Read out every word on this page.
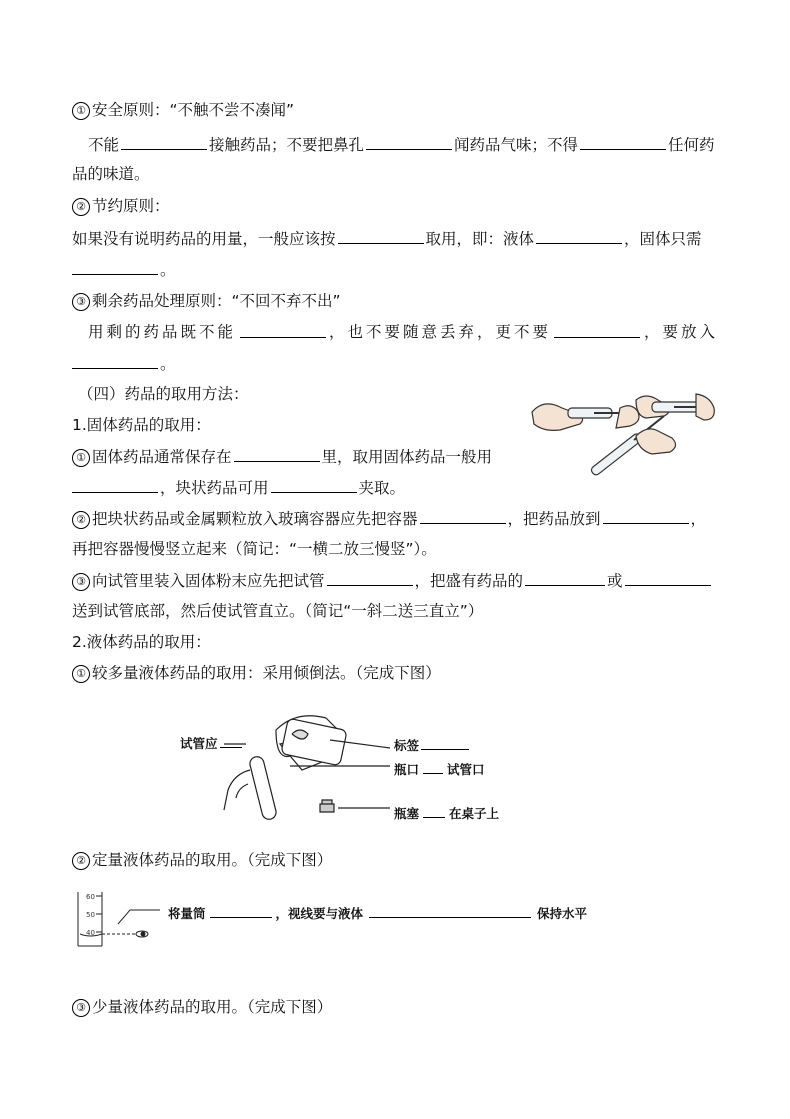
① 安全原则：“不触不尝不凑闻”
不能	接触药品；不要把鼻孔	闻药品气味；不得	任何药
品的味道。
② 节约原则：
如果没有说明药品的用量，一般应该按	取用，即：液体	，固体只需
。
③ 剩余药品处理原则：“不回不弃不出”
用剩的药品既不能	，也不要随意丢弃，更不要	，要放入
。
（四）药品的取用方法：
1.固体药品的取用：
① 固体药品通常保存在	里，取用固体药品一般用
，块状药品可用	夹取。
② 把块状药品或金属颗粒放入玻璃容器应先把容器	，把药品放到	，
再把容器慢慢竖立起来（简记：“一横二放三慢竖”）。
③ 向试管里装入固体粉末应先把试管	，把盛有药品的	或
送到试管底部，然后使试管直立。（简记“一斜二送三直立”）
2.液体药品的取用：
① 较多量液体药品的取用：采用倾倒法。（完成下图）
试管应	标签
瓶口 试管口
瓶塞 在桌子上
② 定量液体药品的取用。（完成下图）
60
50
40
将量筒	，视线要与液体	保持水平
③ 少量液体药品的取用。（完成下图）
